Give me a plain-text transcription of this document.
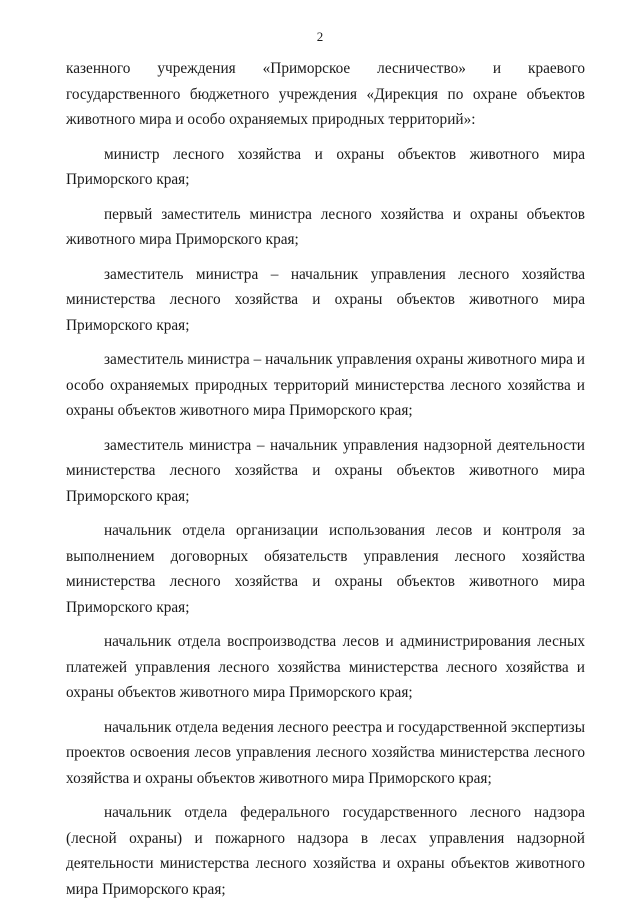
2

казенного учреждения «Приморское лесничество» и краевого государственного бюджетного учреждения «Дирекция по охране объектов животного мира и особо охраняемых природных территорий»:

министр лесного хозяйства и охраны объектов животного мира Приморского края;

первый заместитель министра лесного хозяйства и охраны объектов животного мира Приморского края;

заместитель министра – начальник управления лесного хозяйства министерства лесного хозяйства и охраны объектов животного мира Приморского края;

заместитель министра – начальник управления охраны животного мира и особо охраняемых природных территорий министерства лесного хозяйства и охраны объектов животного мира Приморского края;

заместитель министра – начальник управления надзорной деятельности министерства лесного хозяйства и охраны объектов животного мира Приморского края;

начальник отдела организации использования лесов и контроля за выполнением договорных обязательств управления лесного хозяйства министерства лесного хозяйства и охраны объектов животного мира Приморского края;

начальник отдела воспроизводства лесов и администрирования лесных платежей управления лесного хозяйства министерства лесного хозяйства и охраны объектов животного мира Приморского края;

начальник отдела ведения лесного реестра и государственной экспертизы проектов освоения лесов управления лесного хозяйства министерства лесного хозяйства и охраны объектов животного мира Приморского края;

начальник отдела федерального государственного лесного надзора (лесной охраны) и пожарного надзора в лесах управления надзорной деятельности министерства лесного хозяйства и охраны объектов животного мира Приморского края;
